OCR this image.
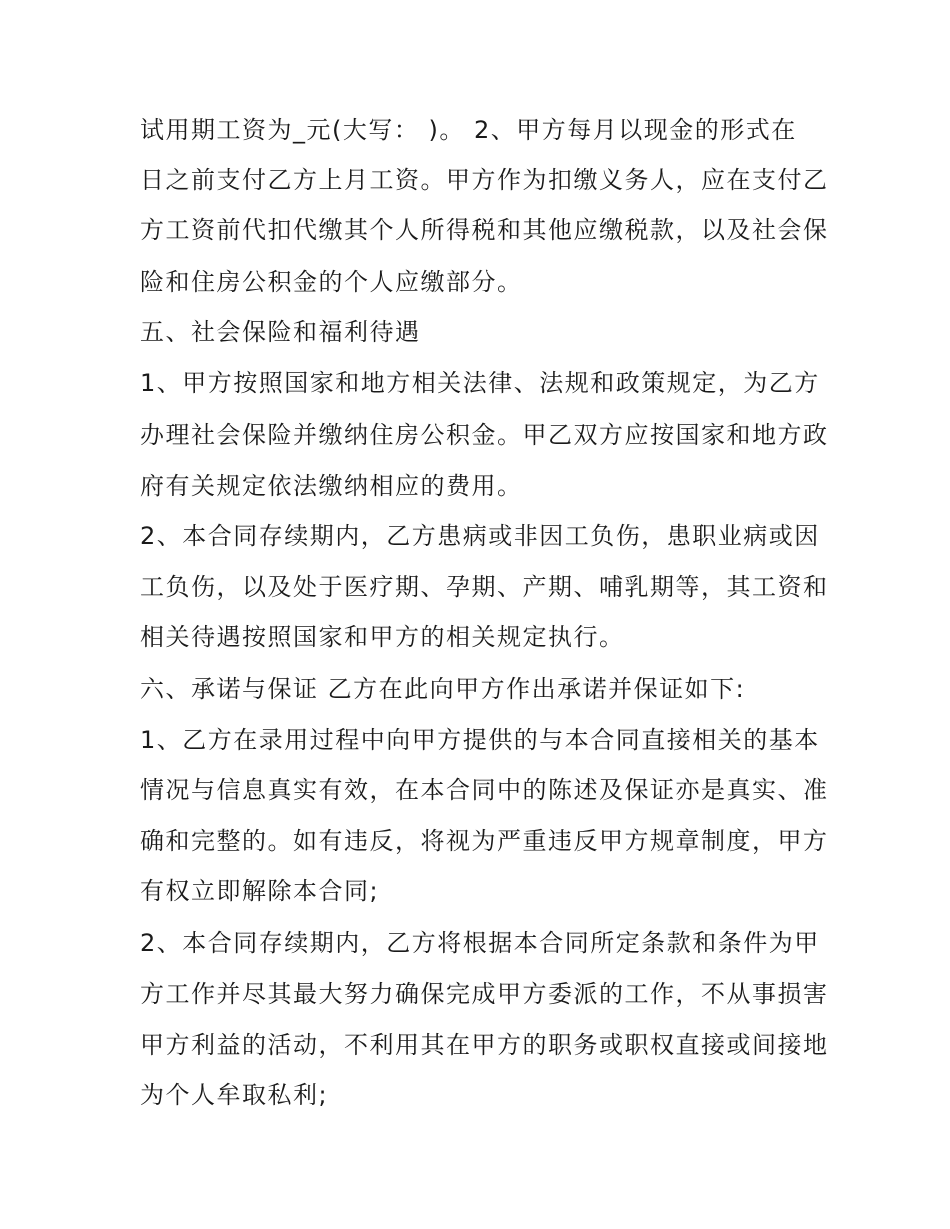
试用期工资为_元(大写： )。 2、甲方每月以现金的形式在
日之前支付乙方上月工资。甲方作为扣缴义务人，应在支付乙
方工资前代扣代缴其个人所得税和其他应缴税款，以及社会保
险和住房公积金的个人应缴部分。
五、社会保险和福利待遇
1、甲方按照国家和地方相关法律、法规和政策规定，为乙方
办理社会保险并缴纳住房公积金。甲乙双方应按国家和地方政
府有关规定依法缴纳相应的费用。
2、本合同存续期内，乙方患病或非因工负伤，患职业病或因
工负伤，以及处于医疗期、孕期、产期、哺乳期等，其工资和
相关待遇按照国家和甲方的相关规定执行。
六、承诺与保证 乙方在此向甲方作出承诺并保证如下:
1、乙方在录用过程中向甲方提供的与本合同直接相关的基本
情况与信息真实有效，在本合同中的陈述及保证亦是真实、准
确和完整的。如有违反，将视为严重违反甲方规章制度，甲方
有权立即解除本合同;
2、本合同存续期内，乙方将根据本合同所定条款和条件为甲
方工作并尽其最大努力确保完成甲方委派的工作，不从事损害
甲方利益的活动，不利用其在甲方的职务或职权直接或间接地
为个人牟取私利;
